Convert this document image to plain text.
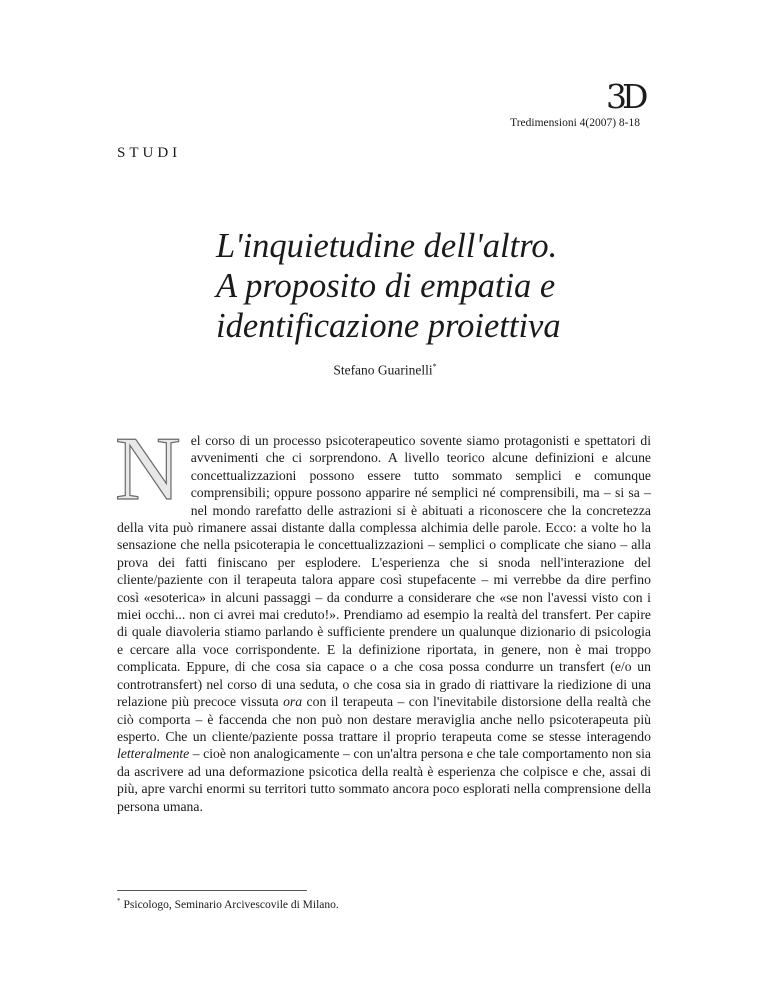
3D
Tredimensioni 4(2007) 8-18
STUDI
L'inquietudine dell'altro.
A proposito di empatia e
identificazione proiettiva
Stefano Guarinelli*

Nel corso di un processo psicoterapeutico sovente siamo protagonisti e spettatori di avvenimenti che ci sorprendono. A livello teorico alcune definizioni e alcune concettualizzazioni possono essere tutto sommato semplici e comunque comprensibili; oppure possono apparire né semplici né comprensibili, ma – si sa – nel mondo rarefatto delle astrazioni si è abituati a riconoscere che la concretezza della vita può rimanere assai distante dalla complessa alchimia delle parole. Ecco: a volte ho la sensazione che nella psicoterapia le concettualizzazioni – semplici o complicate che siano – alla prova dei fatti finiscano per esplodere. L'esperienza che si snoda nell'interazione del cliente/paziente con il terapeuta talora appare così stupefacente – mi verrebbe da dire perfino così «esoterica» in alcuni passaggi – da condurre a considerare che «se non l'avessi visto con i miei occhi... non ci avrei mai creduto!». Prendiamo ad esempio la realtà del transfert. Per capire di quale diavoleria stiamo parlando è sufficiente prendere un qualunque dizionario di psicologia e cercare alla voce corrispondente. E la definizione riportata, in genere, non è mai troppo complicata. Eppure, di che cosa sia capace o a che cosa possa condurre un transfert (e/o un controtransfert) nel corso di una seduta, o che cosa sia in grado di riattivare la riedizione di una relazione più precoce vissuta ora con il terapeuta – con l'inevitabile distorsione della realtà che ciò comporta – è faccenda che non può non destare meraviglia anche nello psicoterapeuta più esperto. Che un cliente/paziente possa trattare il proprio terapeuta come se stesse interagendo letteralmente – cioè non analogicamente – con un'altra persona e che tale comportamento non sia da ascrivere ad una deformazione psicotica della realtà è esperienza che colpisce e che, assai di più, apre varchi enormi su territori tutto sommato ancora poco esplorati nella comprensione della persona umana.

* Psicologo, Seminario Arcivescovile di Milano.
